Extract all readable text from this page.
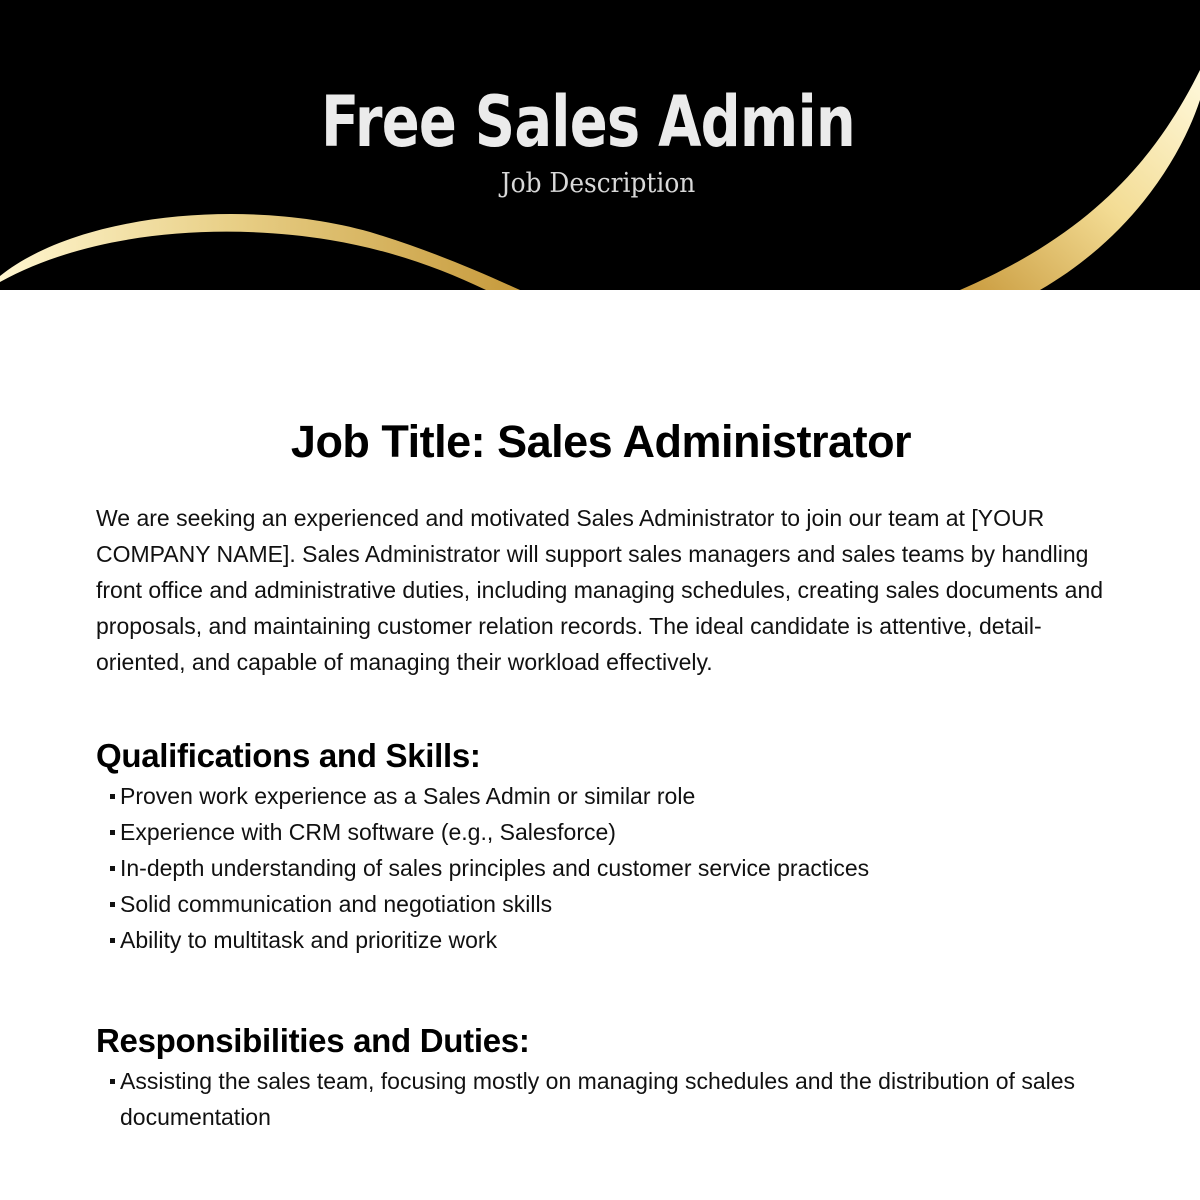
Free Sales Admin
Job Description
Job Title: Sales Administrator

We are seeking an experienced and motivated Sales Administrator to join our team at [YOUR COMPANY NAME]. Sales Administrator will support sales managers and sales teams by handling front office and administrative duties, including managing schedules, creating sales documents and proposals, and maintaining customer relation records. The ideal candidate is attentive, detail-oriented, and capable of managing their workload effectively.

Qualifications and Skills:
Proven work experience as a Sales Admin or similar role
Experience with CRM software (e.g., Salesforce)
In-depth understanding of sales principles and customer service practices
Solid communication and negotiation skills
Ability to multitask and prioritize work
Responsibilities and Duties:
Assisting the sales team, focusing mostly on managing schedules and the distribution of sales documentation
